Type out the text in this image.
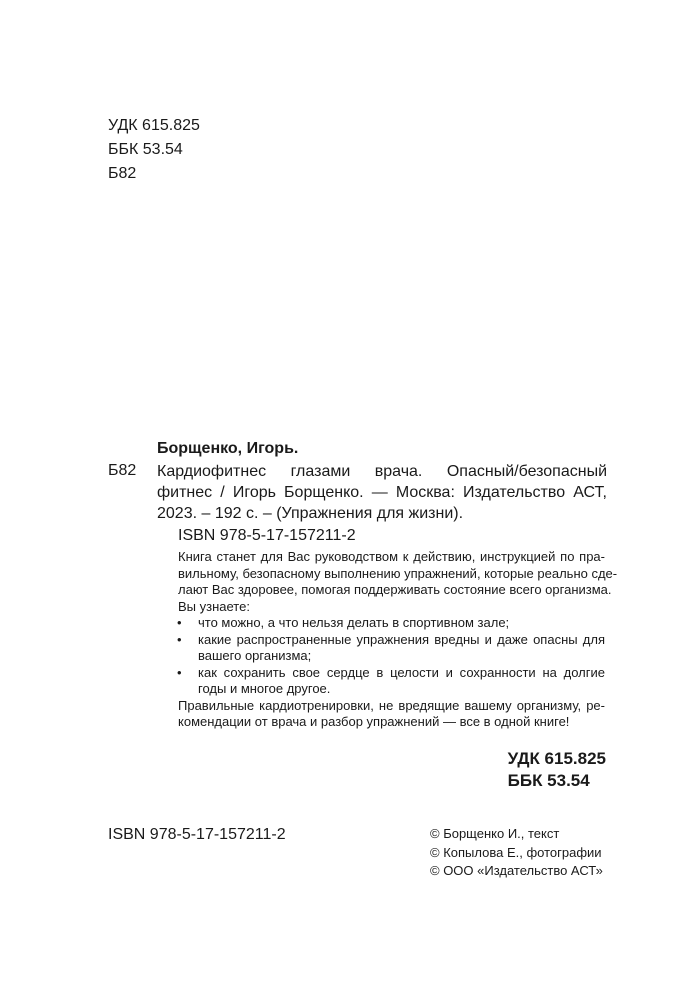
УДК 615.825
ББК 53.54
Б82
Борщенко, Игорь.
Б82 Кардиофитнес глазами врача. Опасный/безопасный
фитнес / Игорь Борщенко. — Москва: Издательство АСТ,
2023. – 192 с. – (Упражнения для жизни).
ISBN 978-5-17-157211-2
Книга станет для Вас руководством к действию, инструкцией по пра-
вильному, безопасному выполнению упражнений, которые реально сде-
лают Вас здоровее, помогая поддерживать состояние всего организма.
Вы узнаете:
•	что можно, а что нельзя делать в спортивном зале;
•	какие распространенные упражнения вредны и даже опасны для
вашего организма;
•	как сохранить свое сердце в целости и сохранности на долгие
годы и многое другое.
Правильные кардиотренировки, не вредящие вашему организму, ре-
комендации от врача и разбор упражнений — все в одной книге!
УДК 615.825
ББК 53.54
ISBN 978-5-17-157211-2	© Борщенко И., текст
© Копылова Е., фотографии
© ООО «Издательство АСТ»
